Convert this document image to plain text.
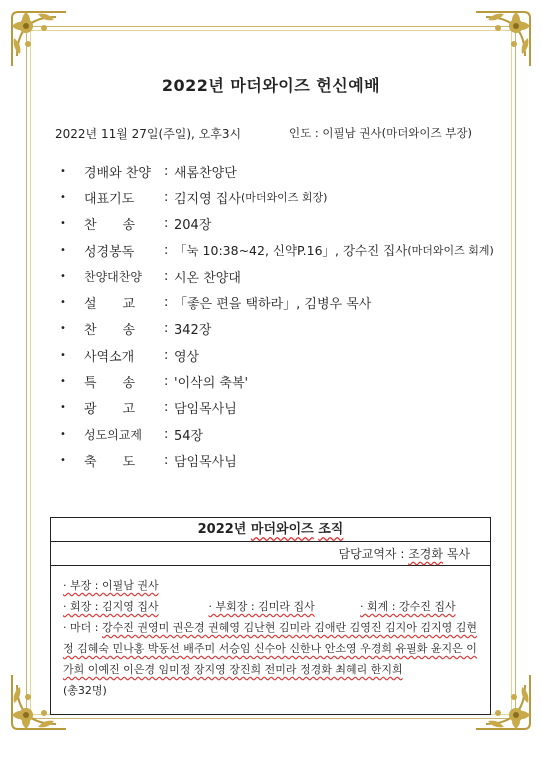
2022년 마더와이즈 헌신예배
2022년 11월 27일(주일), 오후3시	인도 : 이필남 권사(마더와이즈 부장)
•	경배와 찬양	: 새롬찬양단
•	대표기도	: 김지영 집사 (마더와이즈 회장)
•	찬　　송	: 204장
•	성경봉독	: 「눅 10:38~42, 신약P.16」, 강수진 집사 (마더와이즈 회계)
•	찬양대찬양	: 시온 찬양대
•	설　　교	: 「좋은 편을 택하라」, 김병우 목사
•	찬　　송	: 342장
•	사역소개	: 영상
•	특　　송	: '이삭의 축복'
•	광　　고	: 담임목사님
•	성도의교제	: 54장
•	축　　도	: 담임목사님
2022년 마더와이즈 조직
담당교역자 : 조경화 목사
· 부장 : 이필남 권사
· 회장 : 김지영 집사	· 부회장 : 김미라 집사	· 회계 : 강수진 집사
· 마더 : 강수진 권영미 권은경 권혜영 김난현 김미라 김애란 김영진 김지아 김지영 김현정 김혜숙 민나홍 박동선 배주미 서승임 신수아 신한나 안소영 우경희 유필화 윤지은 이가희 이예진 이은경 임미정 장지영 장진희 전미라 정경화 최혜리 한지희
(총32명)
